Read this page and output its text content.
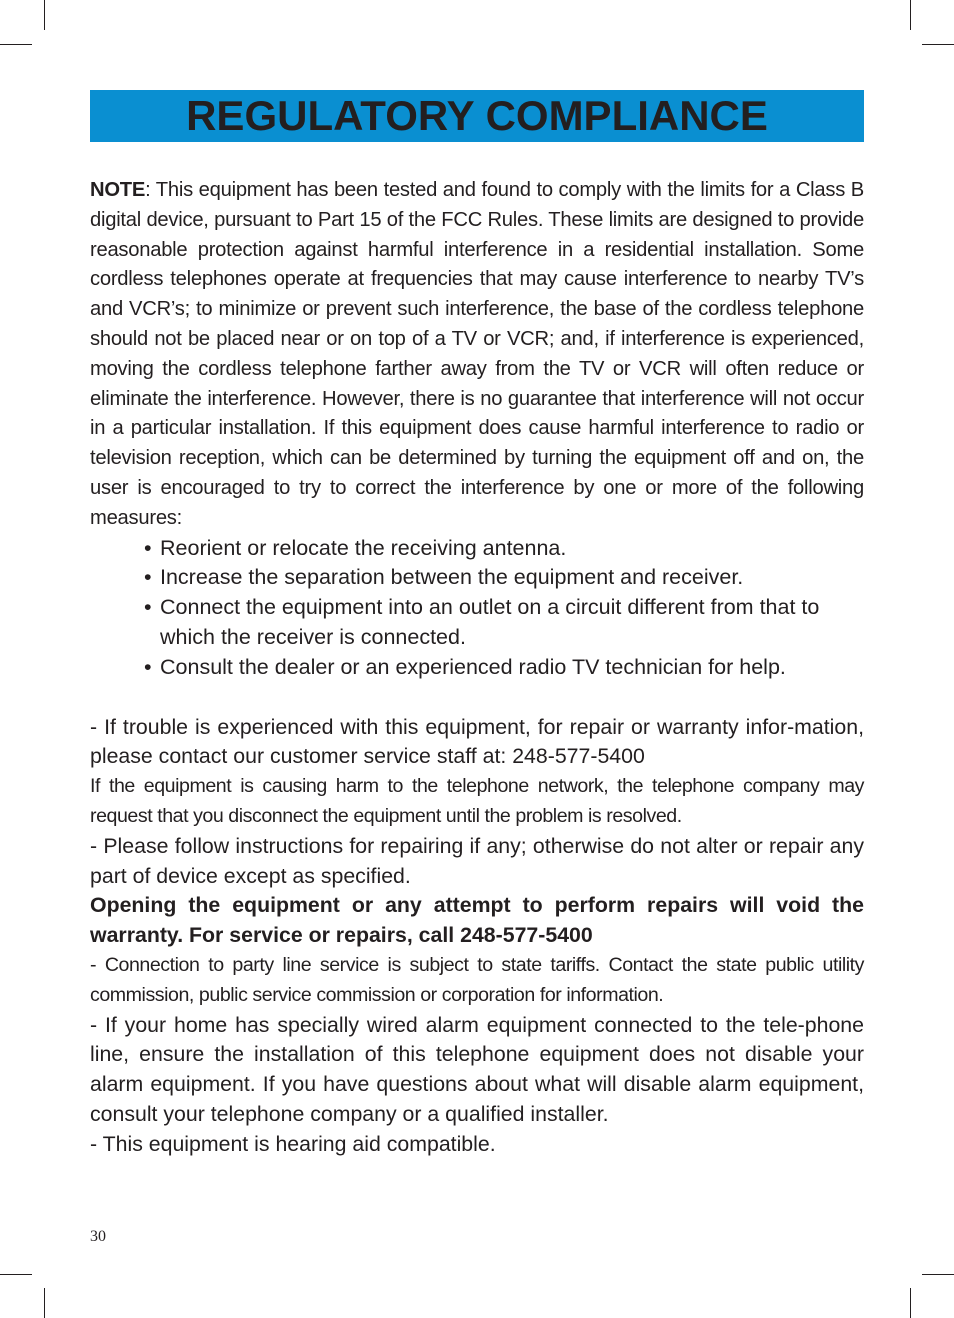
REGULATORY COMPLIANCE

NOTE: This equipment has been tested and found to comply with the limits for a Class B digital device, pursuant to Part 15 of the FCC Rules. These limits are designed to provide reasonable protection against harmful interference in a residential installation. Some cordless telephones operate at frequencies that may cause interference to nearby TV’s and VCR’s; to minimize or prevent such interference, the base of the cordless telephone should not be placed near or on top of a TV or VCR; and, if interference is experienced, moving the cordless telephone farther away from the TV or VCR will often reduce or eliminate the interference. However, there is no guarantee that interference will not occur in a particular installation. If this equipment does cause harmful interference to radio or television reception, which can be determined by turning the equipment off and on, the user is encouraged to try to correct the interference by one or more of the following measures:

• Reorient or relocate the receiving antenna.
• Increase the separation between the equipment and receiver.
• Connect the equipment into an outlet on a circuit different from that to which the receiver is connected.
• Consult the dealer or an experienced radio TV technician for help.

- If trouble is experienced with this equipment, for repair or warranty infor-mation, please contact our customer service staff at: 248-577-5400

If the equipment is causing harm to the telephone network, the telephone company may request that you disconnect the equipment until the problem is resolved.

- Please follow instructions for repairing if any; otherwise do not alter or repair any part of device except as specified.

Opening the equipment or any attempt to perform repairs will void the warranty. For service or repairs, call 248-577-5400

- Connection to party line service is subject to state tariffs. Contact the state public utility commission, public service commission or corporation for information.

- If your home has specially wired alarm equipment connected to the tele-phone line, ensure the installation of this telephone equipment does not disable your alarm equipment. If you have questions about what will disable alarm equipment, consult your telephone company or a qualified installer.

- This equipment is hearing aid compatible.

30
